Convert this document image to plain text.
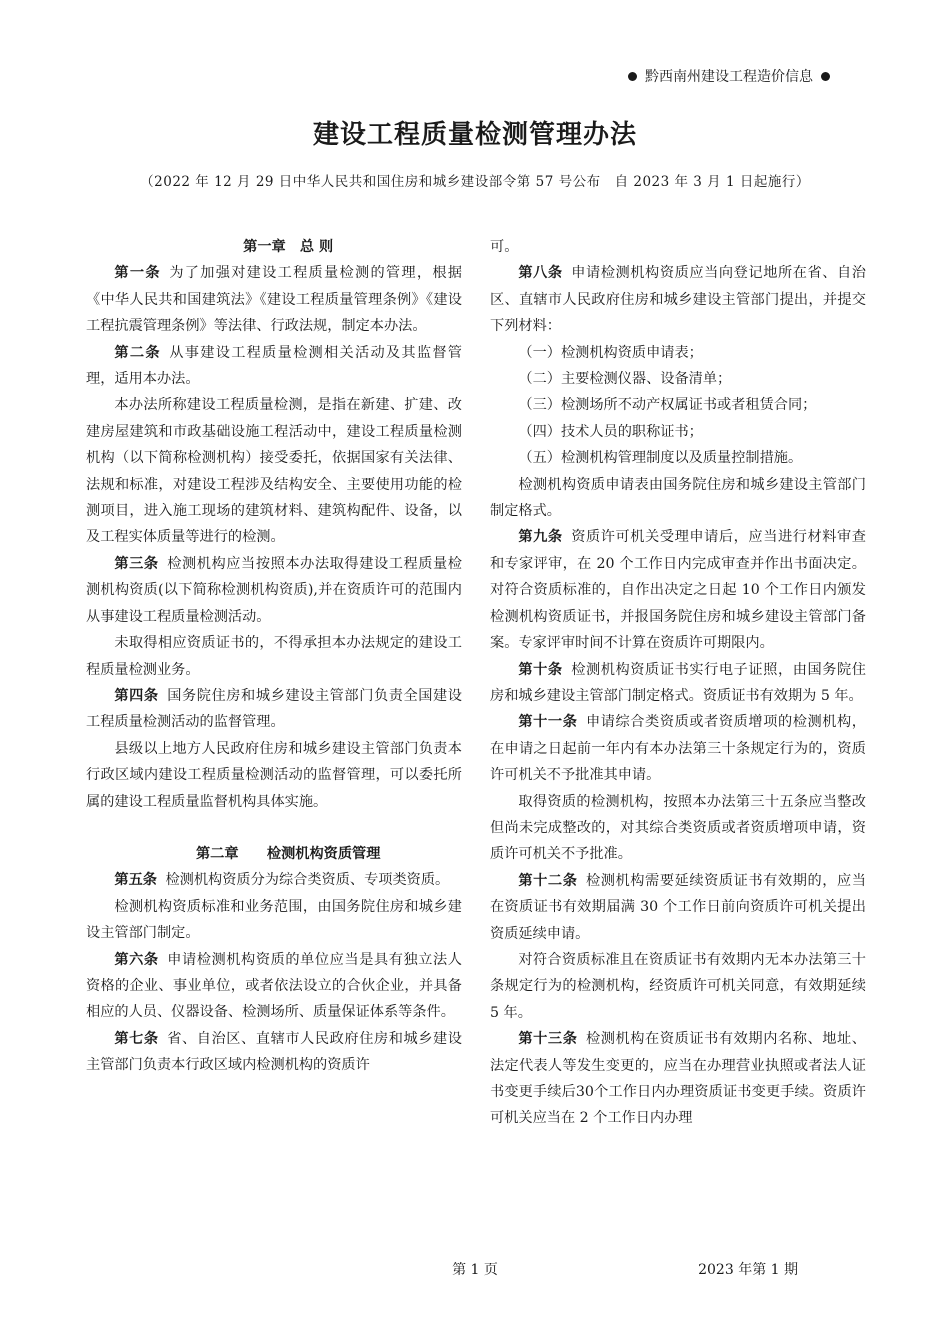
黔西南州建设工程造价信息
建设工程质量检测管理办法
（2022 年 12 月 29 日中华人民共和国住房和城乡建设部令第 57 号公布　自 2023 年 3 月 1 日起施行）

第一章　总 则

第一条 为了加强对建设工程质量检测的管理，根据《中华人民共和国建筑法》《建设工程质量管理条例》《建设工程抗震管理条例》等法律、行政法规，制定本办法。

第二条 从事建设工程质量检测相关活动及其监督管理，适用本办法。

本办法所称建设工程质量检测，是指在新建、扩建、改建房屋建筑和市政基础设施工程活动中，建设工程质量检测机构（以下简称检测机构）接受委托，依据国家有关法律、法规和标准，对建设工程涉及结构安全、主要使用功能的检测项目，进入施工现场的建筑材料、建筑构配件、设备，以及工程实体质量等进行的检测。

第三条 检测机构应当按照本办法取得建设工程质量检测机构资质(以下简称检测机构资质),并在资质许可的范围内从事建设工程质量检测活动。

未取得相应资质证书的，不得承担本办法规定的建设工程质量检测业务。

第四条 国务院住房和城乡建设主管部门负责全国建设工程质量检测活动的监督管理。

县级以上地方人民政府住房和城乡建设主管部门负责本行政区域内建设工程质量检测活动的监督管理，可以委托所属的建设工程质量监督机构具体实施。

第二章　　检测机构资质管理

第五条 检测机构资质分为综合类资质、专项类资质。

检测机构资质标准和业务范围，由国务院住房和城乡建设主管部门制定。

第六条 申请检测机构资质的单位应当是具有独立法人资格的企业、事业单位，或者依法设立的合伙企业，并具备相应的人员、仪器设备、检测场所、质量保证体系等条件。

第七条 省、自治区、直辖市人民政府住房和城乡建设主管部门负责本行政区域内检测机构的资质许

可。

第八条 申请检测机构资质应当向登记地所在省、自治区、直辖市人民政府住房和城乡建设主管部门提出，并提交下列材料：

（一）检测机构资质申请表；

（二）主要检测仪器、设备清单；

（三）检测场所不动产权属证书或者租赁合同；

（四）技术人员的职称证书；

（五）检测机构管理制度以及质量控制措施。

检测机构资质申请表由国务院住房和城乡建设主管部门制定格式。

第九条 资质许可机关受理申请后，应当进行材料审查和专家评审，在 20 个工作日内完成审查并作出书面决定。对符合资质标准的，自作出决定之日起 10 个工作日内颁发检测机构资质证书，并报国务院住房和城乡建设主管部门备案。专家评审时间不计算在资质许可期限内。

第十条 检测机构资质证书实行电子证照，由国务院住房和城乡建设主管部门制定格式。资质证书有效期为 5 年。

第十一条 申请综合类资质或者资质增项的检测机构，在申请之日起前一年内有本办法第三十条规定行为的，资质许可机关不予批准其申请。

取得资质的检测机构，按照本办法第三十五条应当整改但尚未完成整改的，对其综合类资质或者资质增项申请，资质许可机关不予批准。

第十二条 检测机构需要延续资质证书有效期的，应当在资质证书有效期届满 30 个工作日前向资质许可机关提出资质延续申请。

对符合资质标准且在资质证书有效期内无本办法第三十条规定行为的检测机构，经资质许可机关同意，有效期延续 5 年。

第十三条 检测机构在资质证书有效期内名称、地址、法定代表人等发生变更的，应当在办理营业执照或者法人证书变更手续后30个工作日内办理资质证书变更手续。资质许可机关应当在 2 个工作日内办理

第 1 页	2023 年第 1 期
